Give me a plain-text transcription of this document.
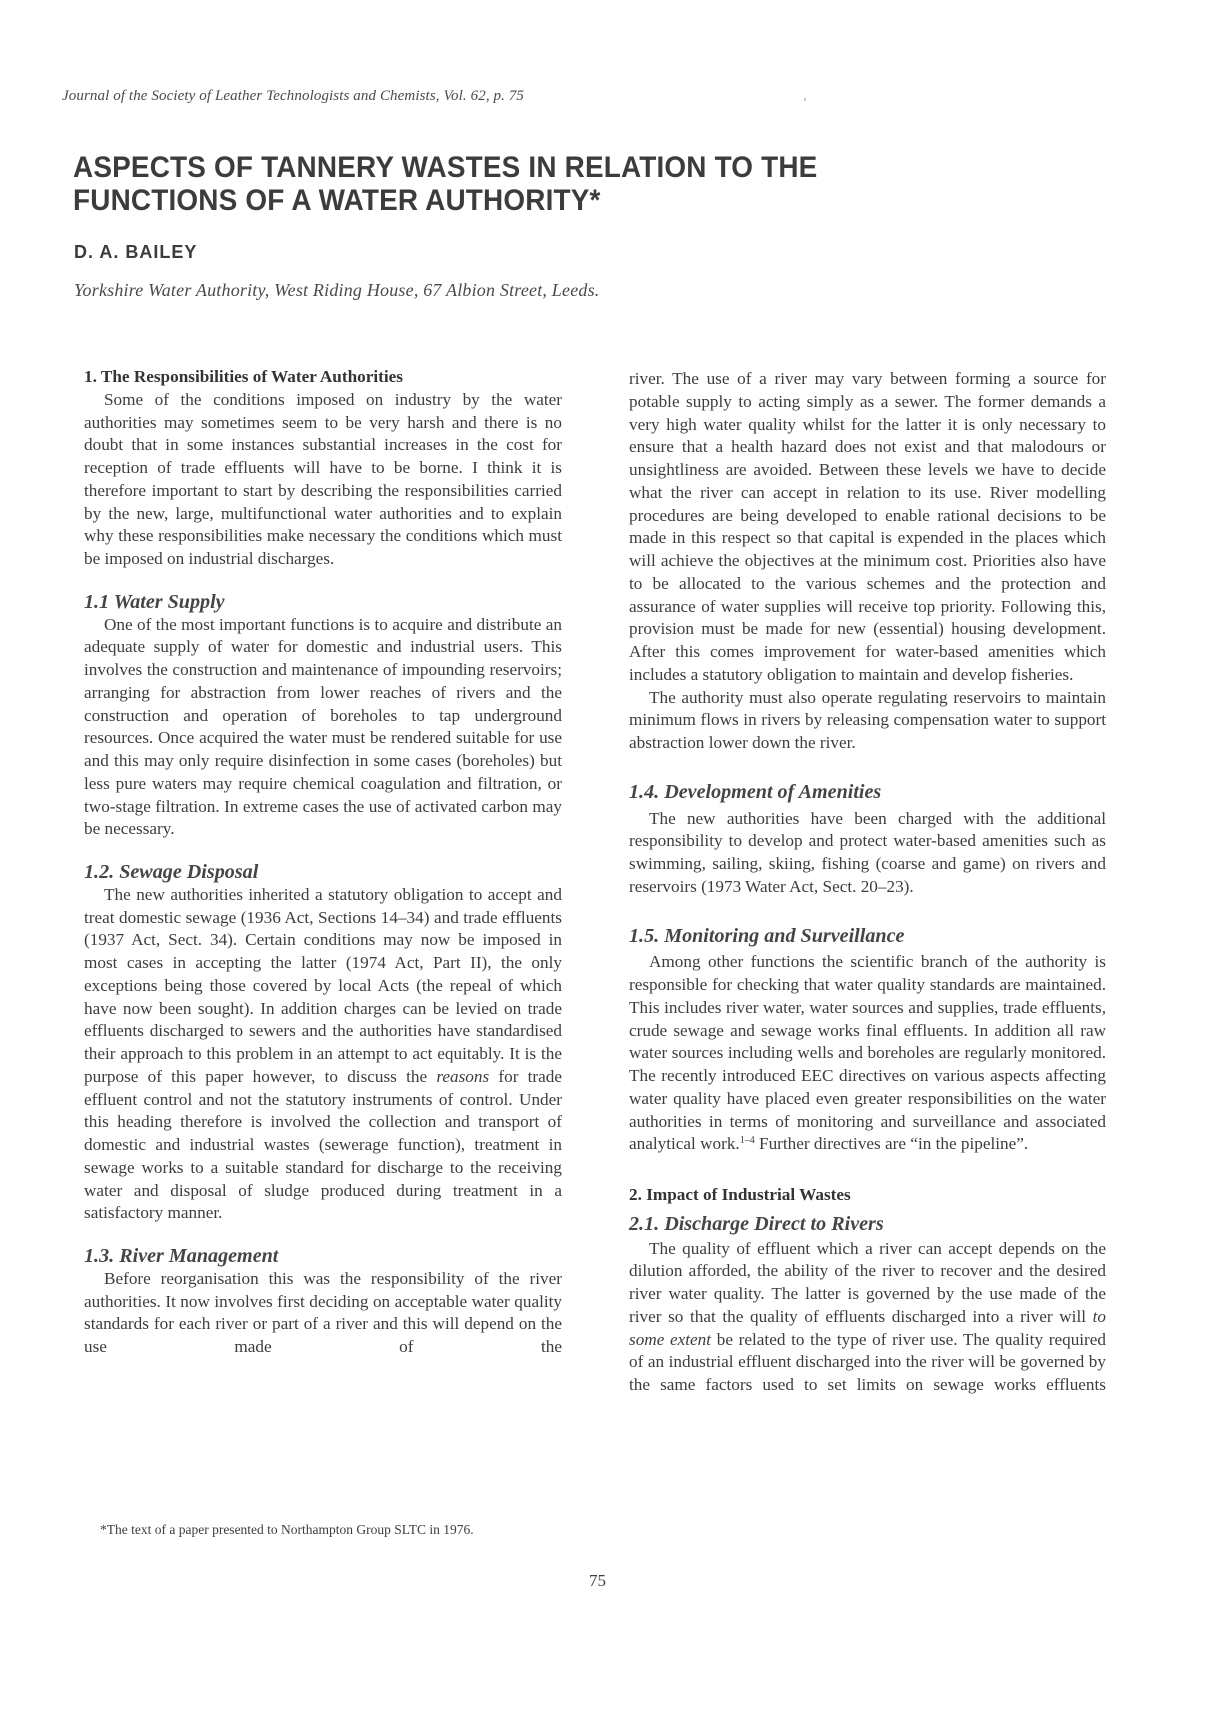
Journal of the Society of Leather Technologists and Chemists, Vol. 62, p. 75
ASPECTS OF TANNERY WASTES IN RELATION TO THE
FUNCTIONS OF A WATER AUTHORITY*
D. A. BAILEY
Yorkshire Water Authority, West Riding House, 67 Albion Street, Leeds.
1. The Responsibilities of Water Authorities

Some of the conditions imposed on industry by the water authorities may sometimes seem to be very harsh and there is no doubt that in some instances substantial increases in the cost for reception of trade effluents will have to be borne. I think it is therefore important to start by describing the responsibilities carried by the new, large, multifunctional water authorities and to explain why these responsibilities make necessary the conditions which must be imposed on industrial discharges.

1.1 Water Supply

One of the most important functions is to acquire and distribute an adequate supply of water for domestic and industrial users. This involves the construction and maintenance of impounding reservoirs; arranging for abstraction from lower reaches of rivers and the construction and operation of boreholes to tap underground resources. Once acquired the water must be rendered suitable for use and this may only require disinfection in some cases (boreholes) but less pure waters may require chemical coagulation and filtration, or two-stage filtration. In extreme cases the use of activated carbon may be necessary.

1.2. Sewage Disposal

The new authorities inherited a statutory obligation to accept and treat domestic sewage (1936 Act, Sections 14–34) and trade effluents (1937 Act, Sect. 34). Certain conditions may now be imposed in most cases in accepting the latter (1974 Act, Part II), the only exceptions being those covered by local Acts (the repeal of which have now been sought). In addition charges can be levied on trade effluents discharged to sewers and the authorities have standardised their approach to this problem in an attempt to act equitably. It is the purpose of this paper however, to discuss the reasons for trade effluent control and not the statutory instruments of control. Under this heading therefore is involved the collection and transport of domestic and industrial wastes (sewerage function), treatment in sewage works to a suitable standard for discharge to the receiving water and disposal of sludge produced during treatment in a satisfactory manner.

1.3. River Management

Before reorganisation this was the responsibility of the river authorities. It now involves first deciding on acceptable water quality standards for each river or part of a river and this will depend on the use made of the

*The text of a paper presented to Northampton Group SLTC in 1976.
75

river. The use of a river may vary between forming a source for potable supply to acting simply as a sewer. The former demands a very high water quality whilst for the latter it is only necessary to ensure that a health hazard does not exist and that malodours or unsightliness are avoided. Between these levels we have to decide what the river can accept in relation to its use. River modelling procedures are being developed to enable rational decisions to be made in this respect so that capital is expended in the places which will achieve the objectives at the minimum cost. Priorities also have to be allocated to the various schemes and the protection and assurance of water supplies will receive top priority. Following this, provision must be made for new (essential) housing development. After this comes improvement for water-based amenities which includes a statutory obligation to maintain and develop fisheries.

The authority must also operate regulating reservoirs to maintain minimum flows in rivers by releasing compensation water to support abstraction lower down the river.

1.4. Development of Amenities

The new authorities have been charged with the additional responsibility to develop and protect water-based amenities such as swimming, sailing, skiing, fishing (coarse and game) on rivers and reservoirs (1973 Water Act, Sect. 20–23).

1.5. Monitoring and Surveillance

Among other functions the scientific branch of the authority is responsible for checking that water quality standards are maintained. This includes river water, water sources and supplies, trade effluents, crude sewage and sewage works final effluents. In addition all raw water sources including wells and boreholes are regularly monitored. The recently introduced EEC directives on various aspects affecting water quality have placed even greater responsibilities on the water authorities in terms of monitoring and surveillance and associated analytical work.$^{1-4}$ Further directives are “in the pipeline”.

2. Impact of Industrial Wastes
2.1. Discharge Direct to Rivers

The quality of effluent which a river can accept depends on the dilution afforded, the ability of the river to recover and the desired river water quality. The latter is governed by the use made of the river so that the quality of effluents discharged into a river will to some extent be related to the type of river use. The quality required of an industrial effluent discharged into the river will be governed by the same factors used to set limits on sewage works effluents
